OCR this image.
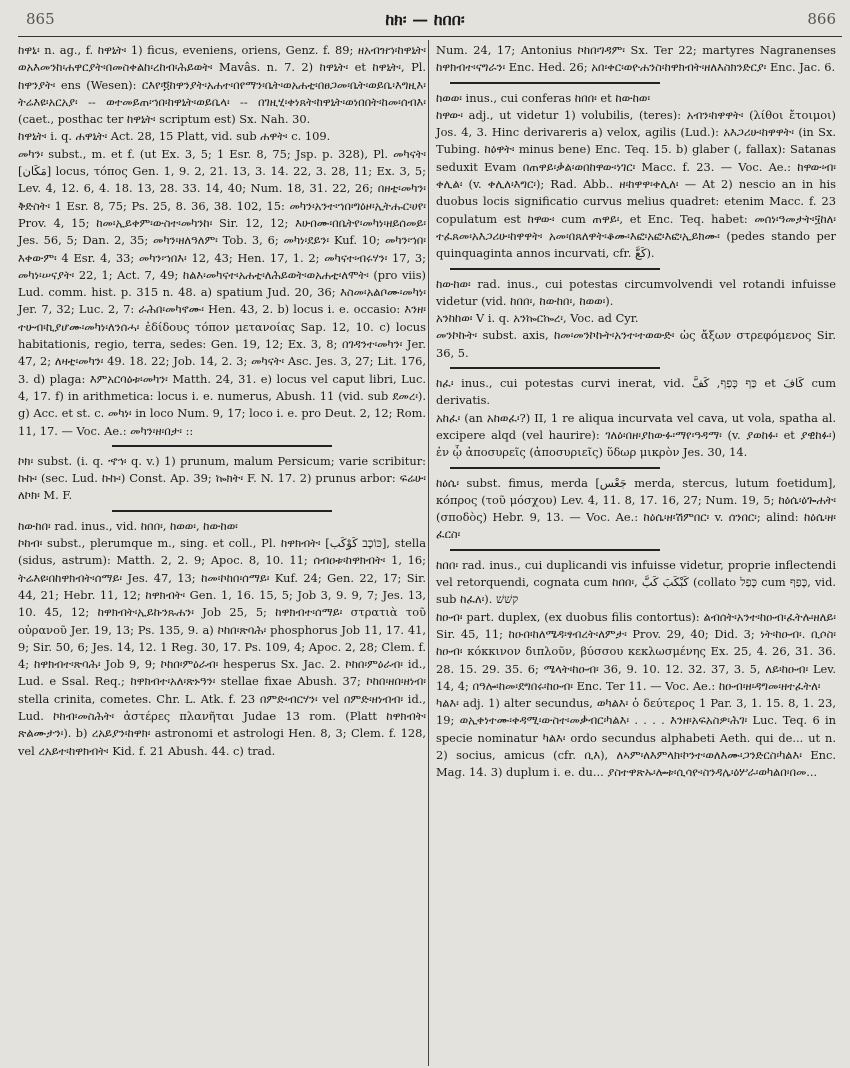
865	ከክ፡ — ከበበ፡	866

ከዋኒ፡ n. ag., f. ከዋኒት፡ 1) ficus, eveniens, oriens, Genz. f. 89; ዘአብዝኀ፡ከዋኒት፡ወአእመንከ፡ሐዋርያት፡በመስቀልከ፡ረከብ፡ሕይወት፡ Mavâs. n. 7. 2) ከዋኒት፡ et ከዋኒት፡, Pl. ከዋንያት፡ ens (Wesen): ርእየ፡፬ከዋንያት፡አሐተ፡በየማን፡ቤት፡ወአሐቲ፡በፀጋመ፡ቤት፡ወይቤ፡እግዚእ፡ትሬእዩ፡አርአያ፡ -- ወተመይጠ፡ኀበ፡ከዋኒት፡ወይቤላ፡ -- በገዚሂ፡ቀነጸት፡ከዋኒት፡ወነበበት፡ከመ፡ሰብእ፡ (caet., posthac ter ከዋኒት፡ scriptum est) Sx. Nah. 30.

ከዋኒት፡ i. q. ሐዋኒት፡ Act. 28, 15 Platt, vid. sub ሐዋት፡ c. 109.

መካን፡ subst., m. et f. (ut Ex. 3, 5; 1 Esr. 8, 75; Jsp. p. 328), Pl. መካናት፡ [مَكَان] locus, τόπος Gen. 1, 9. 2, 21. 13, 3. 14. 22, 3. 28, 11; Ex. 3, 5; Lev. 4, 12. 6, 4. 18. 13, 28. 33. 14, 40; Num. 18, 31. 22, 26; በዘቲ፡መካን፡ቅድስት፡ 1 Esr. 8, 75; Ps. 25, 8. 36, 38. 102, 15: መካን፡አንተ፡ኀበ፡ግዕዞ፡ኢትሑር፡ሀየ፡ Prov. 4, 15; ከመ፡ኢይቀም፡ውስተ፡መካንከ፡ Sir. 12, 12; እሁበሙ፡በቤትየ፡መካነ፡ዘይሰመይ፡ Jes. 56, 5; Dan. 2, 35; መካን፡ዘለዓለም፡ Tob. 3, 6; መካነ፡ደይን፡ Kuf. 10; መካን፡ኀበ፡እቀውም፡ 4 Esr. 4, 33; መካን፡ኀበእ፡ 12, 43; Hen. 17, 1. 2; መካናተ፡ብሩሃን፡ 17, 3; መካነ፡ሠናያት፡ 22, 1; Act. 7, 49; ከልእ፡መካናተ፡አሐቲ፡ለሕይወት፡ወአሐቲ፡ለሞት፡ (pro viis) Lud. comm. hist. p. 315 n. 48. a) spatium Jud. 20, 36; እስመ፡አልቦሙ፡መካነ፡ Jer. 7, 32; Luc. 2, 7: ራሕበ፡መካኖሙ፡ Hen. 43, 2. b) locus i. e. occasio: እንዘ፡ተሁብ፡ኪያሆሙ፡መካነ፡ለንሰሓ፡ ἐδίδους τόπον μετανοίας Sap. 12, 10. c) locus habitationis, regio, terra, sedes: Gen. 19, 12; Ex. 3, 8; በገዳንተ፡መካን፡ Jer. 47, 2; ለዛቲ፡መካን፡ 49. 18. 22; Job. 14, 2. 3; መካናት፡ Asc. Jes. 3, 27; Lit. 176, 3. d) plaga: እምአርባዕቱ፡መካን፡ Matth. 24, 31. e) locus vel caput libri, Luc. 4, 17. f) in arithmetica: locus i. e. numerus, Abush. 11 (vid. sub ደመረ፡). g) Acc. et st. c. መካነ፡ in loco Num. 9, 17; loco i. e. pro Deut. 2, 12; Rom. 11, 17. — Voc. Ae.: መካን፡ዘ፡በታ፡ ::

ኮክ፡ subst. (i. q. ኆኅ፡ q. v.) 1) prunum, malum Persicum; varie scribitur: ኩኩ፡ (sec. Lud. ኩኩ፡) Const. Ap. 39; ኰክት፡ F. N. 17. 2) prunus arbor: ፍሬሁ፡ለኮክ፡ M. F.

ከውከበ፡ rad. inus., vid. ከበበ፡, ከወወ፡, ከውከወ፡

ኮከብ፡ subst., plerumque m., sing. et coll., Pl. ከዋክብት፡ [כּוֹכָב كَوْكَب], stella (sidus, astrum): Matth. 2, 2. 9; Apoc. 8, 10. 11; ሰብዐቱ፡ከዋክብት፡ 1, 16; ትሬእዩ፡በከዋክብት፡ሰማይ፡ Jes. 47, 13; ከመ፡ኮከበ፡ሰማይ፡ Kuf. 24; Gen. 22, 17; Sir. 44, 21; Hebr. 11, 12; ከዋክብት፡ Gen. 1, 16. 15, 5; Job 3, 9. 9, 7; Jes. 13, 10. 45, 12; ከዋክብት፡ኢይኩንጹሐን፡ Job 25, 5; ከዋክብተ፡ሰማይ፡ στρατιὰ τοῦ οὐρανοῦ Jer. 19, 13; Ps. 135, 9. a) ኮከበ፡ጽባሕ፡ phosphorus Job 11, 17. 41, 9; Sir. 50, 6; Jes. 14, 12. 1 Reg. 30, 17. Ps. 109, 4; Apoc. 2, 28; Clem. f. 4; ከዋክብተ፡ጽባሕ፡ Job 9, 9; ኮከበ፡ምዕራብ፡ hesperus Sx. Jac. 2. ኮከበ፡ምዕራብ፡ id., Lud. e Ssal. Req.; ከዋክብተ፡አለ፡ጽኑዓን፡ stellae fixae Abush. 37; ኮከበ፡ዘበ፡ዘነብ፡ stella crinita, cometes. Chr. L. Atk. f. 23 በምድ፡ብርሃን፡ vel በምድ፡ዘነብብ፡ id., Lud. ኮከብ፡መስሕት፡ ἀστέρες πλανῆται Judae 13 rom. (Platt ከዋክብት፡ጽልሙታን፡). b) ረአይያን፡ከዋክ፡ astronomi et astrologi Hen. 8, 3; Clem. f. 128, vel ረአይተ፡ከዋክብት፡ Kid. f. 21 Abush. 44. c) trad.

Num. 24, 17; Antonius ኮከበ፡ገዳም፡ Sx. Ter 22; martyres Nagranenses ከዋክብተ፡ናግራን፡ Enc. Hed. 26; አበ፡ቀር፡ወዮሐንስ፡ከዋክብት፡ዘለእስክንድርያ፡ Enc. Jac. 6.

ከወወ፡ inus., cui conferas ከበበ፡ et ከውከወ፡

ከዋው፡ adj., ut videtur 1) volubilis, (teres): አብን፡ከዋዋት፡ (λίθοι ἔτοιμοι) Jos. 4, 3. Hinc derivareris a) velox, agilis (Lud.): አእጋሪሁ፡ከዋዋት፡ (in Sx. Tubing. ከዕዋት፡ minus bene) Enc. Teq. 15. b) glaber (, fallax): Satanas seduxit Evam በጠዋይ፡ቃል፡ወበከዋው፡ነገር፡ Macc. f. 23. — Voc. Ae.: ከዋው፡ብ፡ቀሊል፡ (v. ቀሊለ፡እግር፡); Rad. Abb.. ዘ፡ከዋዋ፡ቀሊለ፡ — At 2) nescio an in his duobus locis significatio curvus melius quadret: etenim Macc. f. 23 copulatum est ከዋው፡ cum ጠዋይ፡, et Enc. Teq. habet: መሰነ፡ዓመታት፡፶ከለ፡ተፈጸመ፡አእጋሪሁ፡ከዋዋት፡ አመ፡በጸለዋት፡ቆሙ፡እፎ፡አፎ፡እፎ፡ኢይክሙ፡ (pedes stando per quinquaginta annos incurvati, cfr. كَعَّ).

ከውከወ፡ rad. inus., cui potestas circumvolvendi vel rotandi infuisse videtur (vid. ከበበ፡, ከውከበ፡, ከወወ፡).

አንከከወ፡ V i. q. አንኰርኰረ፡, Voc. ad Cyr.

መንኮኩት፡ subst. axis, ከመ፡መንኮኩት፡አንተ፡ተወውድ፡ ὡς ἄξων στρεφόμενος Sir. 36, 5.

ከፈ፡ inus., cui potestas curvi inerat, vid. כַּף כָּפַף, كَفَّ et كَافَ cum derivatis.

አከፈ፡ (an አከወፈ፡?) II, 1 re aliqua incurvata vel cava, ut vola, spatha al. excipere alqd (vel haurire): ገለዕ፡በዘ፡ያከውፉ፡ማየ፡ዓዳማ፡ (v. ያወከፉ፡ et ያዊከፉ፡) ἐν ᾧ ἀποσυρεῖς (ἀποσυριεῖς) ὕδωρ μικρὸν Jes. 30, 14.

ከዕሴ፡ subst. fimus, merda [جَعْس merda, stercus, lutum foetidum], κόπρος (τοῦ μόσχου) Lev. 4, 11. 8, 17. 16, 27; Num. 19, 5; ከዕሴ፡ዕጐሐት፡ (σποδὸς) Hebr. 9, 13. — Voc. Ae.: ከዕሴ፡ዘ፡ሽምበር፡ v. ሰንበር፡; alind: ከዕሴ፡ዘ፡ፈርስ፡

ከበበ፡ rad. inus., cui duplicandi vis infuisse videtur, proprie inflectendi vel retorquendi, cognata cum ከበበ፡, كَبْكَبَ كَبَّ (collato כָּפַל cum כָּפַף, vid. sub ከፈለ፡). קשׁשׁ

ከዑብ፡ part. duplex, (ex duobus filis contortus): ልብሰት፡አንተ፡ከዑብ፡ፈትሉ፡ዘለይ፡ Sir. 45, 11; ከዑበ፡ከለሜዳ፡ፃብረት፡ለምታ፡ Prov. 29, 40; Did. 3; ነት፡ከዑብ፡. ቢሶስ፡ከዑብ፡ κόκκινον διπλοῦν, βύσσου κεκλωσμένης Ex. 25, 4. 26, 31. 36. 28. 15. 29. 35. 6; ሜላት፡ከዑብ፡ 36, 9. 10. 12. 32. 37, 3. 5, ለይ፡ከዑብ፡ Lev. 14, 4; በዓሎ፡ከመ፡ደግበሩ፡ከዑብ፡ Enc. Ter 11. — Voc. Ae.: ከዑብ፡ዘ፡ዳግመ፡ዘተፈትለ፡

ካልእ፡ adj. 1) alter secundus, ወካልእ፡ ὁ δεύτερος 1 Par. 3, 1. 15. 8, 1. 23, 19; ወኢቀነተሙ፡ቀዳሚ፡ውስተ፡መቃብር፡ካልእ፡ . . . . እንዘ፡አፍአስዎ፡ሕገ፡ Luc. Teq. 6 in specie nominatur ካልእ፡ ordo secundus alphabeti Aeth. qui de... ut n. 2) socius, amicus (cfr. ቢእ), ለኣም፡ለእምላክ፡ኮንተ፡ወለእሙ፡ጋንድርስ፡ካልእ፡ Enc. Mag. 14. 3) duplum i. e. du... ያስተዋጽኡ፡ሎቱ፡ሲሳዮ፡ስንዳሌ፡ዕሦራ፡ወካልበ፡በመ...
